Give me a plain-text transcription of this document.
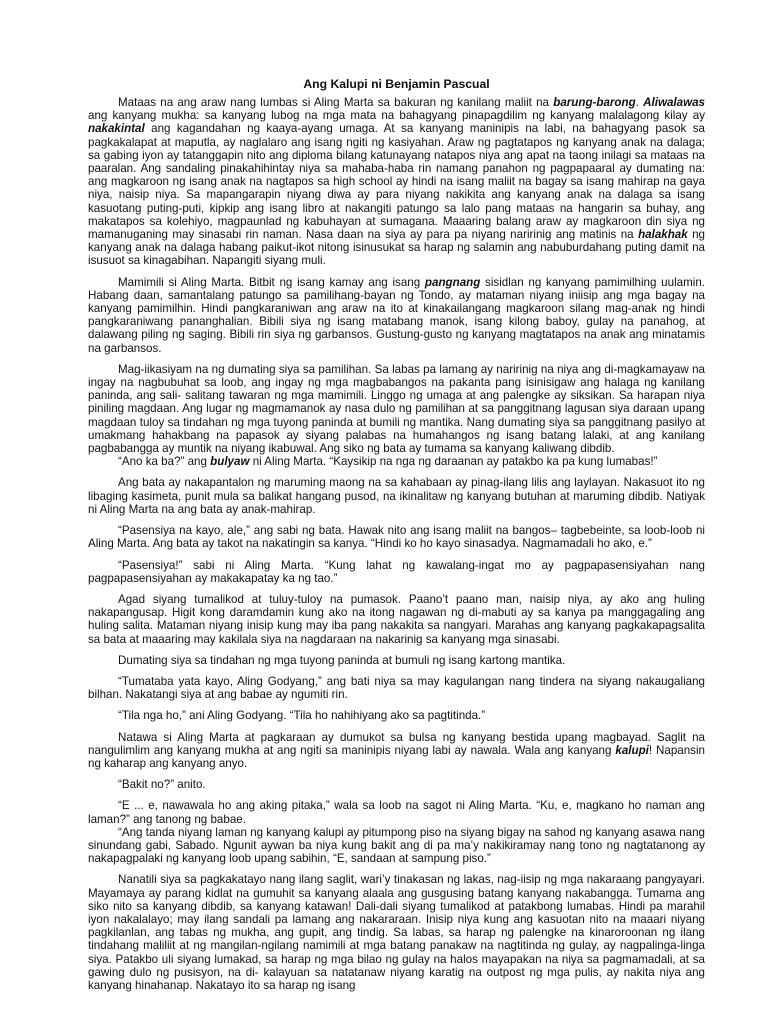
Ang Kalupi ni Benjamin Pascual

Mataas na ang araw nang lumbas si Aling Marta sa bakuran ng kanilang maliit na barung-barong. Aliwalawas ang kanyang mukha: sa kanyang lubog na mga mata na bahagyang pinapagdilim ng kanyang malalagong kilay ay nakakintal ang kagandahan ng kaaya-ayang umaga. At sa kanyang maninipis na labi, na bahagyang pasok sa pagkakalapat at maputla, ay naglalaro ang isang ngiti ng kasiyahan. Araw ng pagtatapos ng kanyang anak na dalaga; sa gabing iyon ay tatanggapin nito ang diploma bilang katunayang natapos niya ang apat na taong inilagi sa mataas na paaralan. Ang sandaling pinakahihintay niya sa mahaba-haba rin namang panahon ng pagpapaaral ay dumating na: ang magkaroon ng isang anak na nagtapos sa high school ay hindi na isang maliit na bagay sa isang mahirap na gaya niya, naisip niya. Sa mapangarapin niyang diwa ay para niyang nakikita ang kanyang anak na dalaga sa isang kasuotang puting-puti, kipkip ang isang libro at nakangiti patungo sa lalo pang mataas na hangarin sa buhay, ang makatapos sa kolehiyo, magpaunlad ng kabuhayan at sumagana. Maaaring balang araw ay magkaroon din siya ng mamanuganing may sinasabi rin naman. Nasa daan na siya ay para pa niyang naririnig ang matinis na halakhak ng kanyang anak na dalaga habang paikut-ikot nitong isinusukat sa harap ng salamin ang nabuburdahang puting damit na isusuot sa kinagabihan. Napangiti siyang muli.

Mamimili si Aling Marta. Bitbit ng isang kamay ang isang pangnang sisidlan ng kanyang pamimilhing uulamin. Habang daan, samantalang patungo sa pamilihang-bayan ng Tondo, ay mataman niyang iniisip ang mga bagay na kanyang pamimilhin. Hindi pangkaraniwan ang araw na ito at kinakailangang magkaroon silang mag-anak ng hindi pangkaraniwang pananghalian. Bibili siya ng isang matabang manok, isang kilong baboy, gulay na panahog, at dalawang piling ng saging. Bibili rin siya ng garbansos. Gustung-gusto ng kanyang magtatapos na anak ang minatamis na garbansos.

Mag-iikasiyam na ng dumating siya sa pamilihan. Sa labas pa lamang ay naririnig na niya ang di-magkamayaw na ingay na nagbubuhat sa loob, ang ingay ng mga magbabangos na pakanta pang isinisigaw ang halaga ng kanilang paninda, ang sali- salitang tawaran ng mga mamimili. Linggo ng umaga at ang palengke ay siksikan. Sa harapan niya piniling magdaan. Ang lugar ng magmamanok ay nasa dulo ng pamilihan at sa panggitnang lagusan siya daraan upang magdaan tuloy sa tindahan ng mga tuyong paninda at bumili ng mantika. Nang dumating siya sa panggitnang pasilyo at umakmang hahakbang na papasok ay siyang palabas na humahangos ng isang batang lalaki, at ang kanilang pagbabangga ay muntik na niyang ikabuwal. Ang siko ng bata ay tumama sa kanyang kaliwang dibdib.

“Ano ka ba?” ang bulyaw ni Aling Marta. “Kaysikip na nga ng daraanan ay patakbo ka pa kung lumabas!”

Ang bata ay nakapantalon ng maruming maong na sa kahabaan ay pinag-ilang lilis ang laylayan. Nakasuot ito ng libaging kasimeta, punit mula sa balikat hangang pusod, na ikinalitaw ng kanyang butuhan at maruming dibdib. Natiyak ni Aling Marta na ang bata ay anak-mahirap.

“Pasensiya na kayo, ale,” ang sabi ng bata. Hawak nito ang isang maliit na bangos– tagbebeinte, sa loob-loob ni Aling Marta. Ang bata ay takot na nakatingin sa kanya. “Hindi ko ho kayo sinasadya. Nagmamadali ho ako, e.”

“Pasensiya!” sabi ni Aling Marta. “Kung lahat ng kawalang-ingat mo ay pagpapasensiyahan nang pagpapasensiyahan ay makakapatay ka ng tao.”

Agad siyang tumalikod at tuluy-tuloy na pumasok. Paano’t paano man, naisip niya, ay ako ang huling nakapangusap. Higit kong daramdamin kung ako na itong nagawan ng di-mabuti ay sa kanya pa manggagaling ang huling salita. Mataman niyang inisip kung may iba pang nakakita sa nangyari. Marahas ang kanyang pagkakapagsalita sa bata at maaaring may kakilala siya na nagdaraan na nakarinig sa kanyang mga sinasabi.

Dumating siya sa tindahan ng mga tuyong paninda at bumuli ng isang kartong mantika.

“Tumataba yata kayo, Aling Godyang,” ang bati niya sa may kagulangan nang tindera na siyang nakaugaliang bilhan. Nakatangi siya at ang babae ay ngumiti rin.

“Tila nga ho,” ani Aling Godyang. “Tila ho nahihiyang ako sa pagtitinda.”

Natawa si Aling Marta at pagkaraan ay dumukot sa bulsa ng kanyang bestida upang magbayad. Saglit na nangulimlim ang kanyang mukha at ang ngiti sa maninipis niyang labi ay nawala. Wala ang kanyang kalupi! Napansin ng kaharap ang kanyang anyo.

“Bakit no?” anito.

“E ... e, nawawala ho ang aking pitaka,” wala sa loob na sagot ni Aling Marta. “Ku, e, magkano ho naman ang laman?” ang tanong ng babae.

“Ang tanda niyang laman ng kanyang kalupi ay pitumpong piso na siyang bigay na sahod ng kanyang asawa nang sinundang gabi, Sabado. Ngunit aywan ba niya kung bakit ang di pa ma’y nakikiramay nang tono ng nagtatanong ay nakapagpalaki ng kanyang loob upang sabihin, “E, sandaan at sampung piso.”

Nanatili siya sa pagkakatayo nang ilang saglit, wari’y tinakasan ng lakas, nag-iisip ng mga nakaraang pangyayari. Mayamaya ay parang kidlat na gumuhit sa kanyang alaala ang gusgusing batang kanyang nakabangga. Tumama ang siko nito sa kanyang dibdib, sa kanyang katawan! Dali-dali siyang tumalikod at patakbong lumabas. Hindi pa marahil iyon nakalalayo; may ilang sandali pa lamang ang nakararaan. Inisip niya kung ang kasuotan nito na maaari niyang pagkilanlan, ang tabas ng mukha, ang gupit, ang tindig. Sa labas, sa harap ng palengke na kinaroroonan ng ilang tindahang maliliit at ng mangilan-ngilang namimili at mga batang panakaw na nagtitinda ng gulay, ay nagpalinga-linga siya. Patakbo uli siyang lumakad, sa harap ng mga bilao ng gulay na halos mayapakan na niya sa pagmamadali, at sa gawing dulo ng pusisyon, na di- kalayuan sa natatanaw niyang karatig na outpost ng mga pulis, ay nakita niya ang kanyang hinahanap. Nakatayo ito sa harap ng isang
